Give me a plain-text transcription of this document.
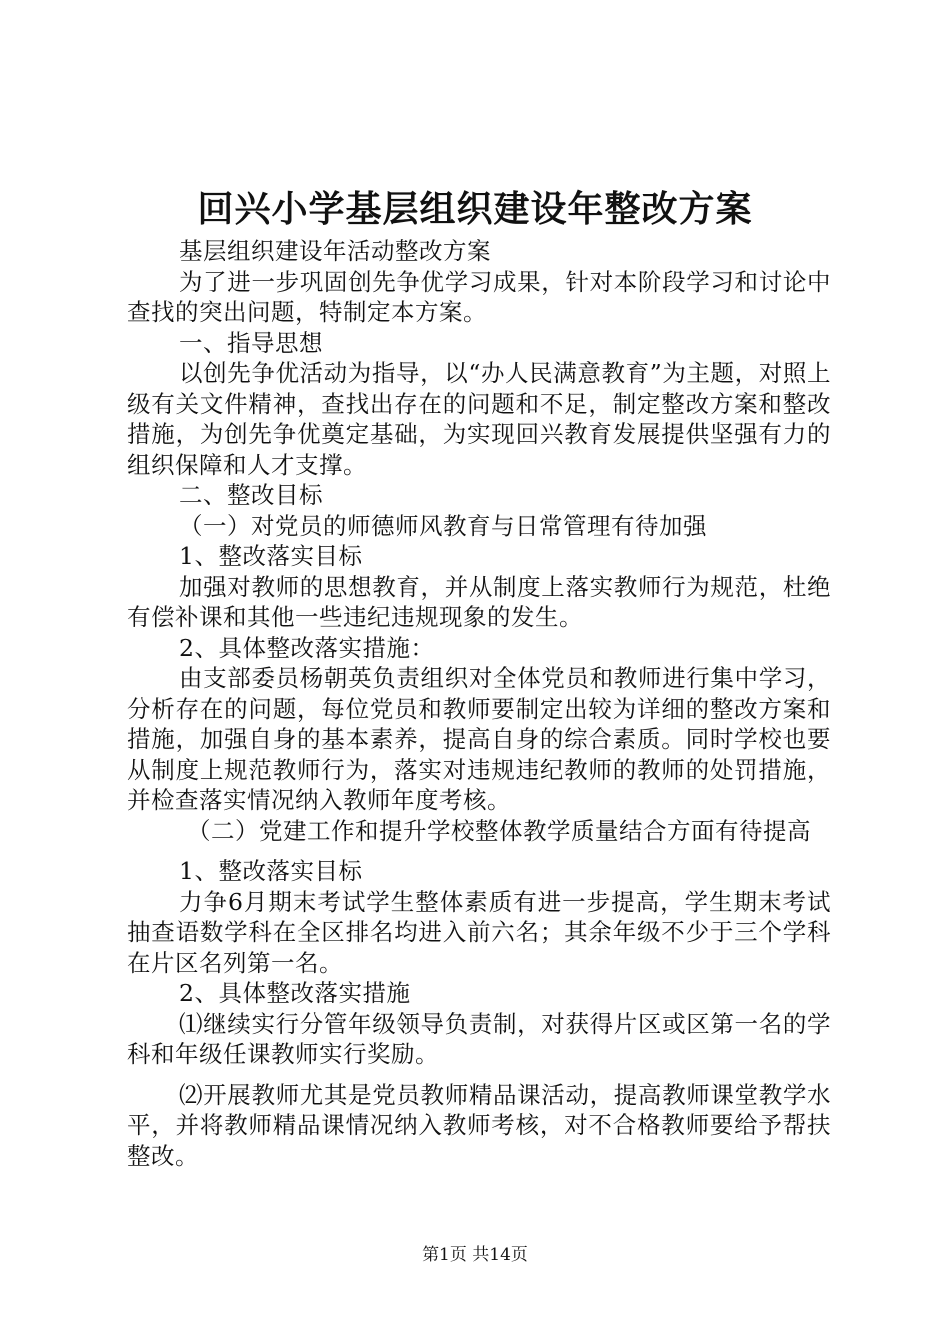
回兴小学基层组织建设年整改方案

基层组织建设年活动整改方案

为了进一步巩固创先争优学习成果，针对本阶段学习和讨论中查找的突出问题，特制定本方案。

一、指导思想

以创先争优活动为指导，以“办人民满意教育”为主题，对照上级有关文件精神，查找出存在的问题和不足，制定整改方案和整改措施，为创先争优奠定基础，为实现回兴教育发展提供坚强有力的组织保障和人才支撑。

二、整改目标

（一）对党员的师德师风教育与日常管理有待加强

1、整改落实目标

加强对教师的思想教育，并从制度上落实教师行为规范，杜绝有偿补课和其他一些违纪违规现象的发生。

2、具体整改落实措施：

由支部委员杨朝英负责组织对全体党员和教师进行集中学习，分析存在的问题，每位党员和教师要制定出较为详细的整改方案和措施，加强自身的基本素养，提高自身的综合素质。同时学校也要从制度上规范教师行为，落实对违规违纪教师的教师的处罚措施，并检查落实情况纳入教师年度考核。

（二）党建工作和提升学校整体教学质量结合方面有待提高

1、整改落实目标

力争6月期末考试学生整体素质有进一步提高，学生期末考试抽查语数学科在全区排名均进入前六名；其余年级不少于三个学科在片区名列第一名。

2、具体整改落实措施

⑴继续实行分管年级领导负责制，对获得片区或区第一名的学科和年级任课教师实行奖励。

⑵开展教师尤其是党员教师精品课活动，提高教师课堂教学水平，并将教师精品课情况纳入教师考核，对不合格教师要给予帮扶整改。

第1页 共14页
